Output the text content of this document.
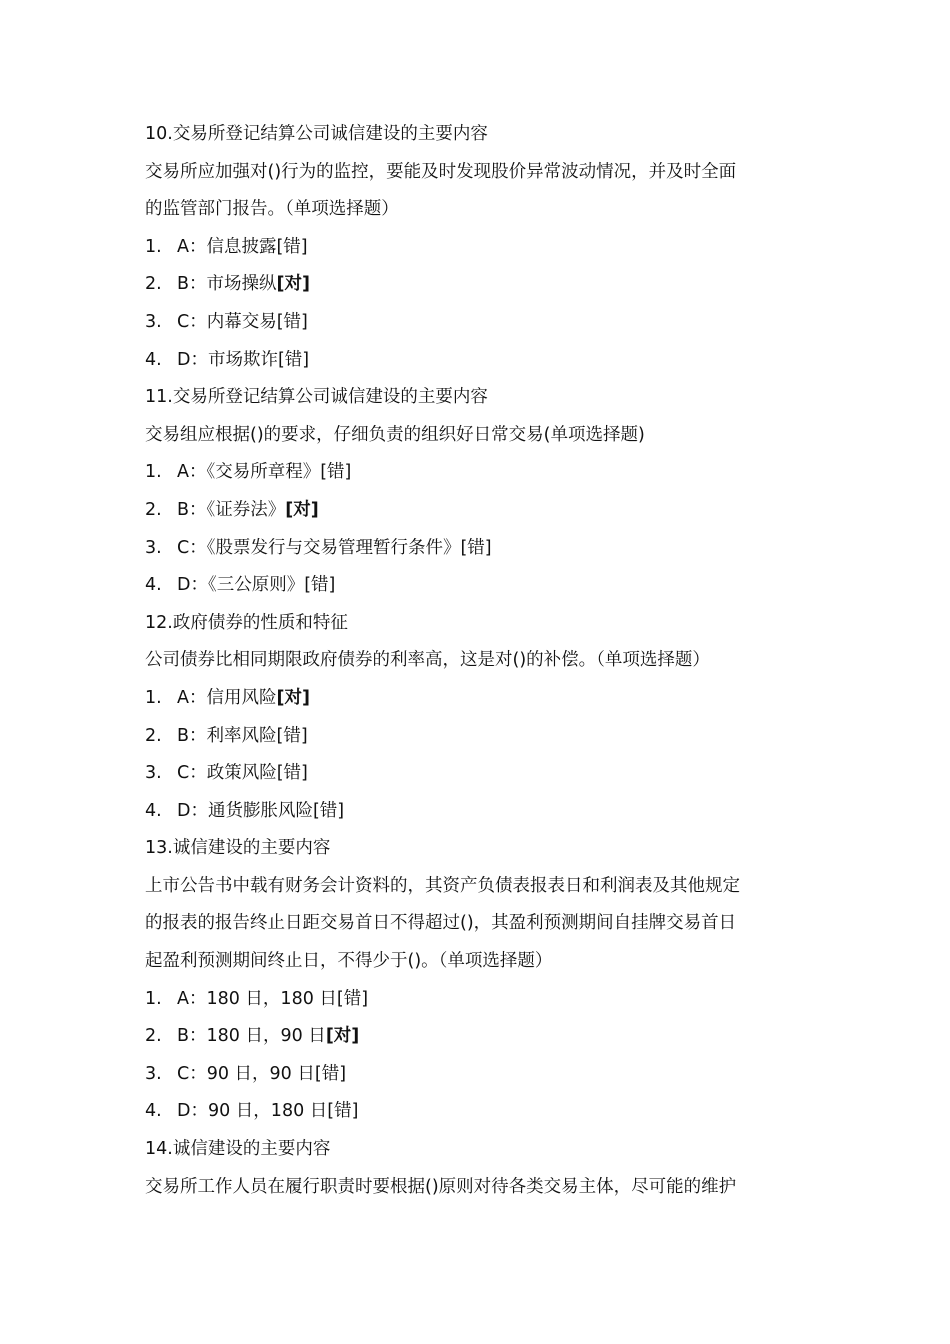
10.交易所登记结算公司诚信建设的主要内容
交易所应加强对()行为的监控，要能及时发现股价异常波动情况，并及时全面
的监管部门报告。（单项选择题）
1. A：信息披露 [错]
2. B：市场操纵 [对]
3. C：内幕交易 [错]
4. D：市场欺诈 [错]
11.交易所登记结算公司诚信建设的主要内容
交易组应根据()的要求，仔细负责的组织好日常交易(单项选择题)
1. A：《交易所章程》 [错]
2. B：《证券法》 [对]
3. C：《股票发行与交易管理暂行条件》 [错]
4. D：《三公原则》 [错]
12.政府债券的性质和特征
公司债券比相同期限政府债券的利率高，这是对()的补偿。（单项选择题）
1. A：信用风险 [对]
2. B：利率风险 [错]
3. C：政策风险 [错]
4. D：通货膨胀风险 [错]
13.诚信建设的主要内容
上市公告书中载有财务会计资料的，其资产负债表报表日和利润表及其他规定
的报表的报告终止日距交易首日不得超过()，其盈利预测期间自挂牌交易首日
起盈利预测期间终止日，不得少于()。（单项选择题）
1. A：180 日，180 日 [错]
2. B：180 日，90 日 [对]
3. C：90 日，90 日 [错]
4. D：90 日，180 日 [错]
14.诚信建设的主要内容
交易所工作人员在履行职责时要根据()原则对待各类交易主体，尽可能的维护
